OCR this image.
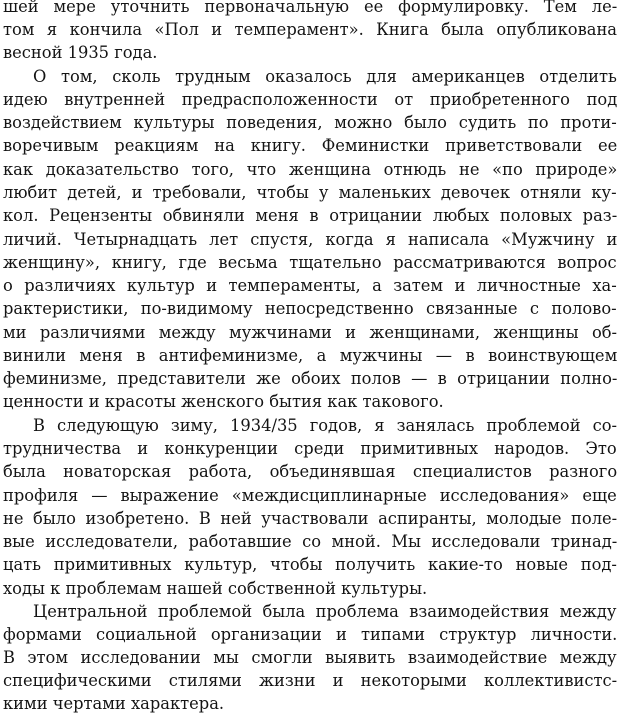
шей мере уточнить первоначальную ее формулировку. Тем ле-
том я кончила «Пол и темперамент». Книга была опубликована
весной 1935 года.
О том, сколь трудным оказалось для американцев отделить
идею внутренней предрасположенности от приобретенного под
воздействием культуры поведения, можно было судить по проти-
воречивым реакциям на книгу. Феминистки приветствовали ее
как доказательство того, что женщина отнюдь не «по природе»
любит детей, и требовали, чтобы у маленьких девочек отняли ку-
кол. Рецензенты обвиняли меня в отрицании любых половых раз-
личий. Четырнадцать лет спустя, когда я написала «Мужчину и
женщину», книгу, где весьма тщательно рассматриваются вопрос
о различиях культур и темпераменты, а затем и личностные ха-
рактеристики, по-видимому непосредственно связанные с полово-
ми различиями между мужчинами и женщинами, женщины об-
винили меня в антифеминизме, а мужчины — в воинствующем
феминизме, представители же обоих полов — в отрицании полно-
ценности и красоты женского бытия как такового.
В следующую зиму, 1934/35 годов, я занялась проблемой со-
трудничества и конкуренции среди примитивных народов. Это
была новаторская работа, объединявшая специалистов разного
профиля — выражение «междисциплинарные исследования» еще
не было изобретено. В ней участвовали аспиранты, молодые поле-
вые исследователи, работавшие со мной. Мы исследовали тринад-
цать примитивных культур, чтобы получить какие-то новые под-
ходы к проблемам нашей собственной культуры.
Центральной проблемой была проблема взаимодействия между
формами социальной организации и типами структур личности.
В этом исследовании мы смогли выявить взаимодействие между
специфическими стилями жизни и некоторыми коллективистс-
кими чертами характера.
